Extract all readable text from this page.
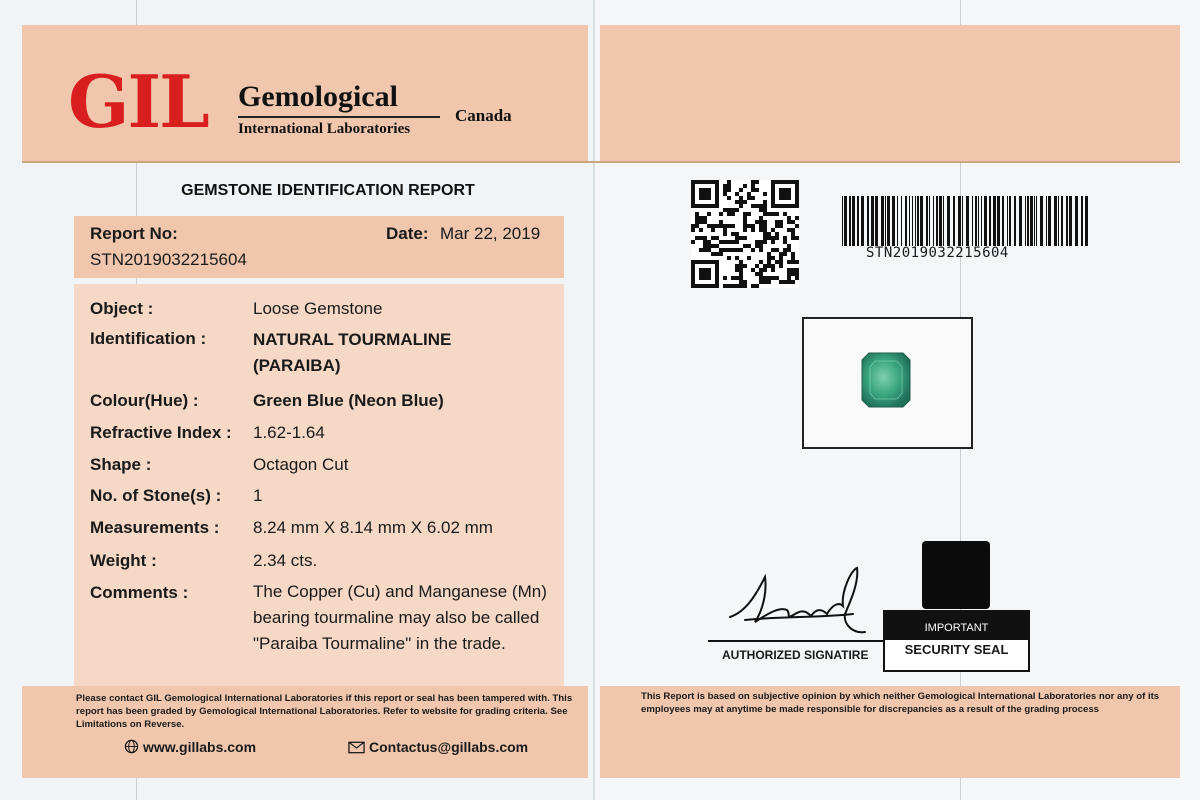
GIL Gemological
International Laboratories
Canada
GEMSTONE IDENTIFICATION REPORT
Report No:	Date: Mar 22, 2019
STN2019032215604
Object :	Loose Gemstone
Identification :	NATURAL TOURMALINE (PARAIBA)
Colour(Hue) :	Green Blue (Neon Blue)
Refractive Index : 1.62-1.64
Shape :	Octagon Cut
No. of Stone(s) : 1
Measurements : 8.24 mm X 8.14 mm X 6.02 mm
Weight :	2.34 cts.
Comments :	The Copper (Cu) and Manganese (Mn) bearing tourmaline may also be called "Paraiba Tourmaline" in the trade.
Please contact GIL Gemological International Laboratories if this report or seal has been tampered with. This report has been graded by Gemological International Laboratories. Refer to website for grading criteria. See Limitations on Reverse.
www.gillabs.com	Contactus@gillabs.com
This Report is based on subjective opinion by which neither Gemological International Laboratories nor any of its employees may at anytime be made responsible for discrepancies as a result of the grading process
STN2019032215604
AUTHORIZED SIGNATIRE
IMPORTANT
SECURITY SEAL
